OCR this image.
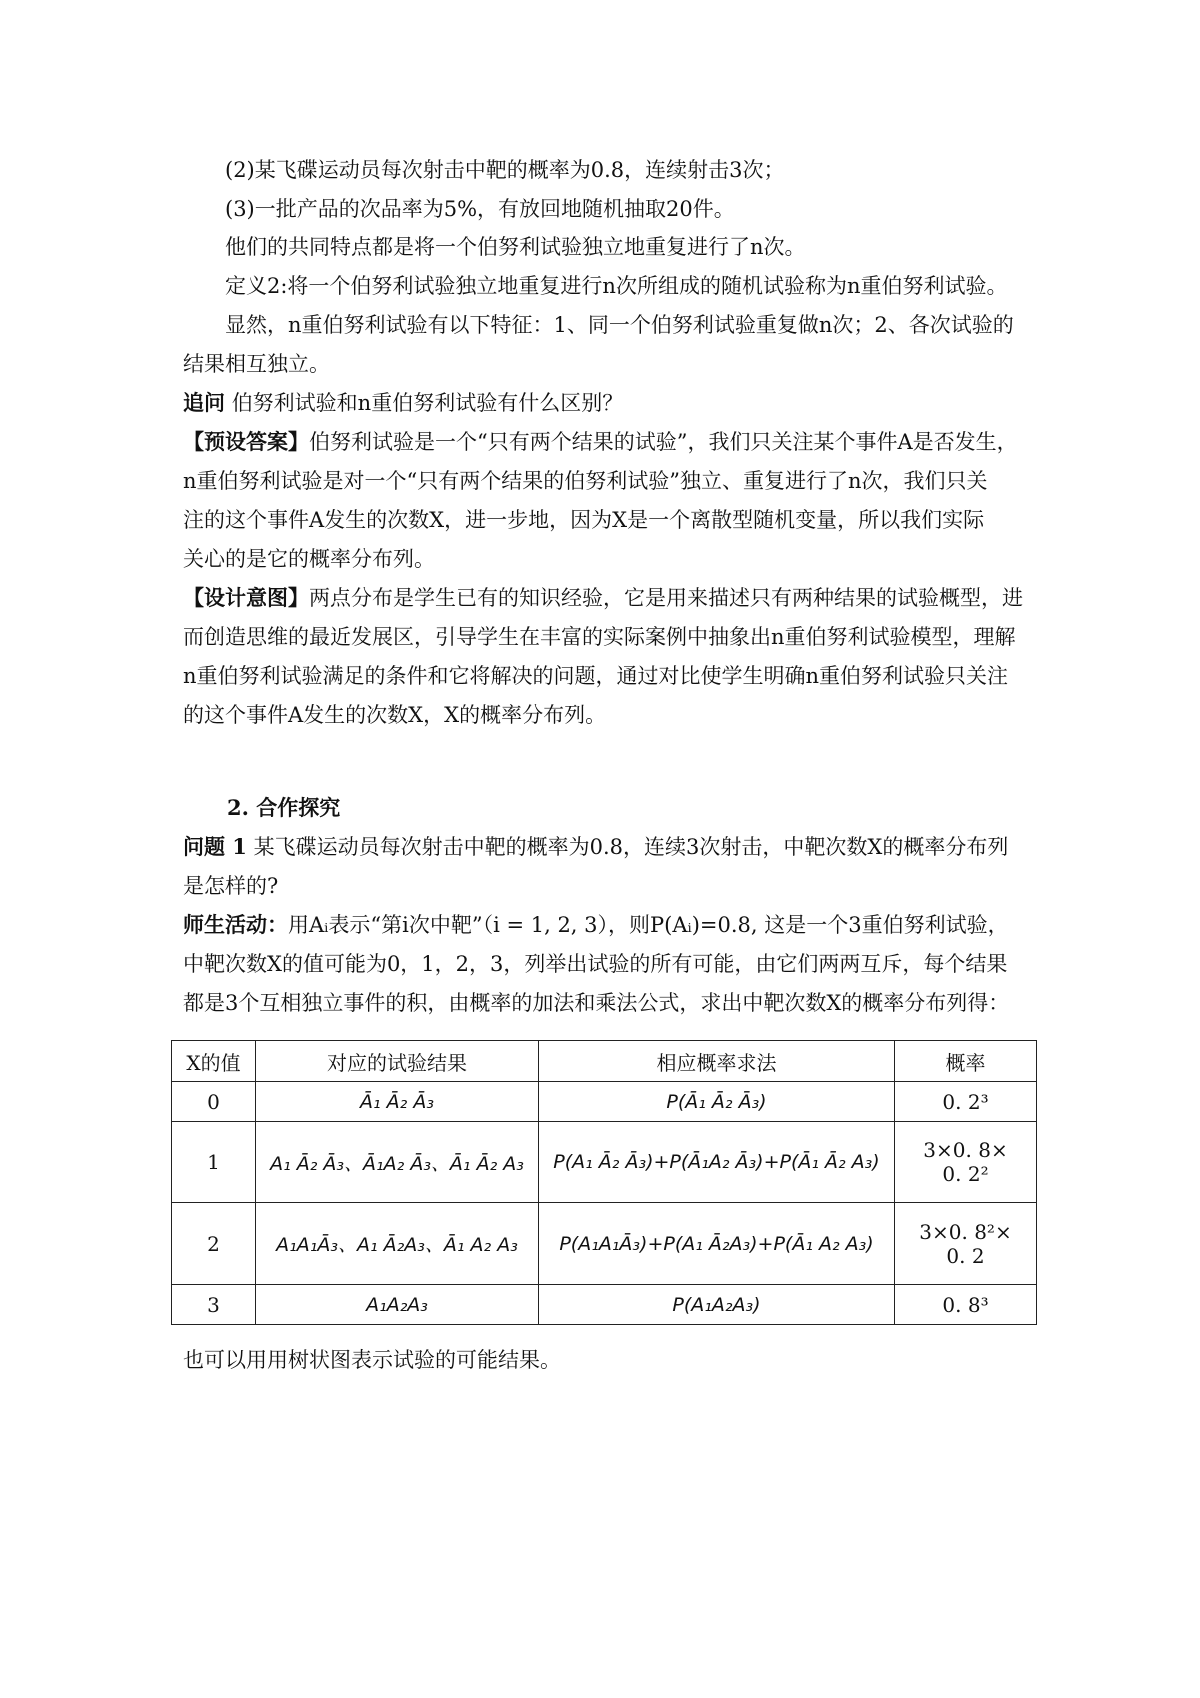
(2)某飞碟运动员每次射击中靶的概率为0.8，连续射击3次；
(3)一批产品的次品率为5%，有放回地随机抽取20件。
他们的共同特点都是将一个伯努利试验独立地重复进行了n次。
定义2:将一个伯努利试验独立地重复进行n次所组成的随机试验称为n重伯努利试验。
显然，n重伯努利试验有以下特征：1、同一个伯努利试验重复做n次；2、各次试验的
结果相互独立。
追问 伯努利试验和n重伯努利试验有什么区别？
【预设答案】伯努利试验是一个“只有两个结果的试验”，我们只关注某个事件A是否发生，
n重伯努利试验是对一个“只有两个结果的伯努利试验”独立、重复进行了n次，我们只关
注的这个事件A发生的次数X，进一步地，因为X是一个离散型随机变量，所以我们实际
关心的是它的概率分布列。
【设计意图】两点分布是学生已有的知识经验，它是用来描述只有两种结果的试验概型，进
而创造思维的最近发展区，引导学生在丰富的实际案例中抽象出n重伯努利试验模型，理解
n重伯努利试验满足的条件和它将解决的问题，通过对比使学生明确n重伯努利试验只关注
的这个事件A发生的次数X，X的概率分布列。
2. 合作探究
问题 1 某飞碟运动员每次射击中靶的概率为0.8，连续3次射击，中靶次数X的概率分布列
是怎样的?
师生活动：用Aᵢ表示“第i次中靶”（i = 1, 2, 3），则P(Aᵢ)=0.8, 这是一个3重伯努利试验，
中靶次数X的值可能为0，1，2，3，列举出试验的所有可能，由它们两两互斥，每个结果
都是3个互相独立事件的积，由概率的加法和乘法公式，求出中靶次数X的概率分布列得：
X的值	对应的试验结果	相应概率求法	概率
0	Ā₁ Ā₂ Ā₃	P(Ā₁ Ā₂ Ā₃)	0. 2³
1	A₁ Ā₂ Ā₃、Ā₁A₂ Ā₃、Ā₁ Ā₂ A₃	P(A₁ Ā₂ Ā₃)+P(Ā₁A₂ Ā₃)+P(Ā₁ Ā₂ A₃)	3×0. 8×
0. 2²

2	A₁A₁Ā₃、A₁ Ā₂A₃、Ā₁ A₂ A₃	P(A₁A₁Ā₃)+P(A₁ Ā₂A₃)+P(Ā₁ A₂ A₃)	3×0. 8²×
0. 2

3	A₁A₂A₃	P(A₁A₂A₃)	0. 8³
也可以用用树状图表示试验的可能结果。
